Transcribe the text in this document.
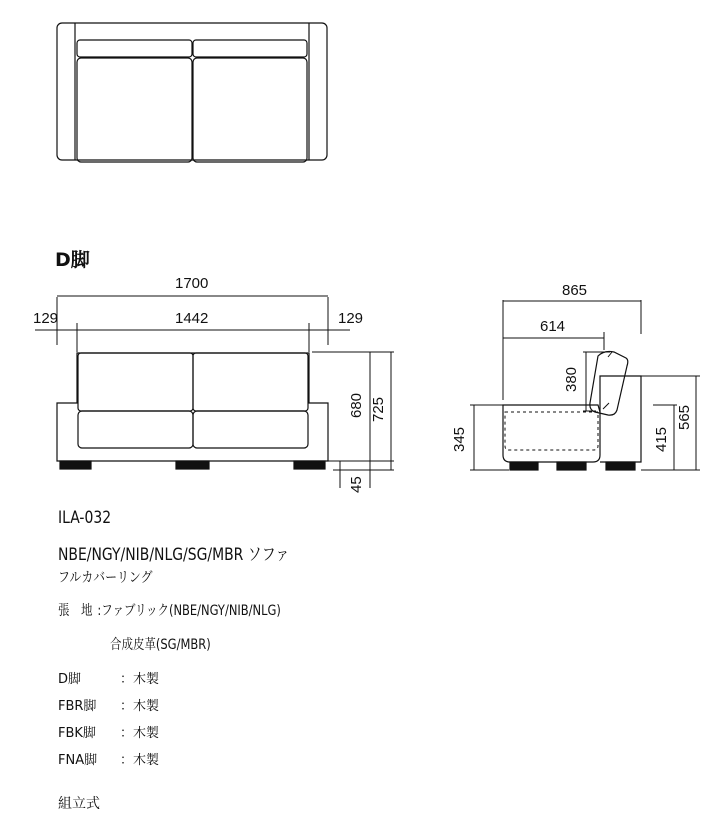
1700
129	1442	129
680 725
45
865
614
380
345	415
565
D脚
ILA-032
NBE/NGY/NIB/NLG/SG/MBR ソファ
フルカバーリング
張　地 :ファブリック(NBE/NGY/NIB/NLG)
合成皮革(SG/MBR)
D脚	：木製
FBR脚 ：木製
FBK脚 ：木製
FNA脚 ：木製
組立式
